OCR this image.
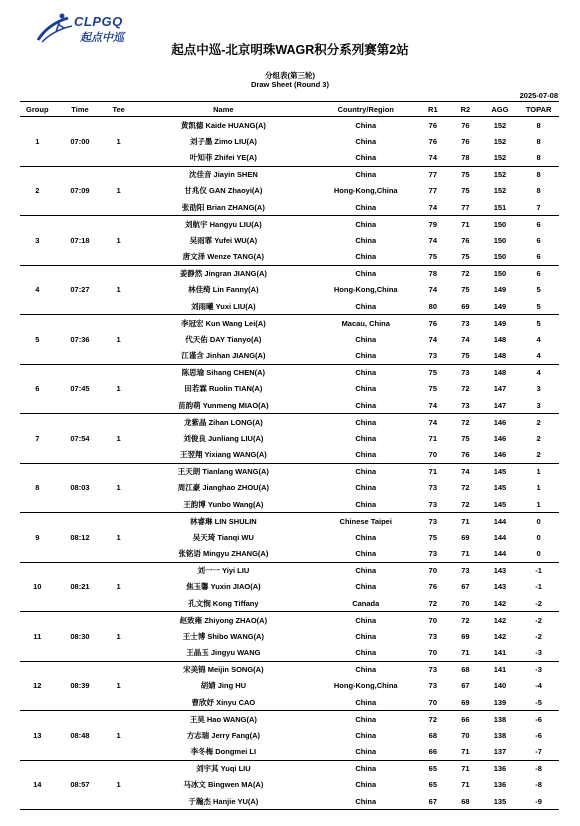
CLPGQ
起点中巡
起点中巡-北京明珠WAGR积分系列赛第2站
分组表(第三轮)
Draw Sheet (Round 3)
2025-07-08
Group	Time	Tee	Name	Country/Region	R1	R2	AGG	TOPAR
			黄凯德 Kaide HUANG(A)	China	76	76	152	8
1	07:00	1	刘子墨 Zimo LIU(A)	China	76	76	152	8
			叶知菲 Zhifei YE(A)	China	74	78	152	8
			沈佳音 Jiayin SHEN	China	77	75	152	8
2	07:09	1	甘兆仪 GAN Zhaoyi(A)	Hong-Kong,China	77	75	152	8
			张劭阳 Brian ZHANG(A)	China	74	77	151	7
			刘航宇 Hangyu LIU(A)	China	79	71	150	6
3	07:18	1	吴雨霏 Yufei WU(A)	China	74	76	150	6
			唐文泽 Wenze TANG(A)	China	75	75	150	6
			姜静然 Jingran JIANG(A)	China	78	72	150	6
4	07:27	1	林佳绮 Lin Fanny(A)	Hong-Kong,China	74	75	149	5
			刘雨曦 Yuxi LIU(A)	China	80	69	149	5
			李冠宏 Kun Wang Lei(A)	Macau, China	76	73	149	5
5	07:36	1	代天佑 DAY Tianyo(A)	China	74	74	148	4
			江谨含 Jinhan JIANG(A)	China	73	75	148	4
			陈思瑜 Sihang CHEN(A)	China	75	73	148	4
6	07:45	1	田若霖 Ruolin TIAN(A)	China	75	72	147	3
			苗韵萌 Yunmeng MIAO(A)	China	74	73	147	3
			龙紫晶 Zihan LONG(A)	China	74	72	146	2
7	07:54	1	刘俊良 Junliang LIU(A)	China	71	75	146	2
			王翌翔 Yixiang WANG(A)	China	70	76	146	2
			王天朗 Tianlang WANG(A)	China	71	74	145	1
8	08:03	1	周江豪 Jianghao ZHOU(A)	China	73	72	145	1
			王韵博 Yunbo Wang(A)	China	73	72	145	1
			林睿琳 LIN SHULIN	Chinese Taipei	73	71	144	0
9	08:12	1	吴天琦 Tianqi WU	China	75	69	144	0
			张铭语 Mingyu ZHANG(A)	China	73	71	144	0
			刘一一 Yiyi LIU	China	70	73	143	-1
10	08:21	1	焦玉馨 Yuxin JIAO(A)	China	76	67	143	-1
			孔文悯 Kong Tiffany	Canada	72	70	142	-2
			赵致雍 Zhiyong ZHAO(A)	China	70	72	142	-2
11	08:30	1	王士博 Shibo WANG(A)	China	73	69	142	-2
			王晶玉 Jingyu WANG	China	70	71	141	-3
			宋美锦 Meijin SONG(A)	China	73	68	141	-3
12	08:39	1	胡婧 Jing HU	Hong-Kong,China	73	67	140	-4
			曹欣妤 Xinyu CAO	China	70	69	139	-5
			王昊 Hao WANG(A)	China	72	66	138	-6
13	08:48	1	方志瑞 Jerry Fang(A)	China	68	70	138	-6
			李冬梅 Dongmei LI	China	66	71	137	-7
			刘宇其 Yuqi LIU	China	65	71	136	-8
14	08:57	1	马冰文 Bingwen MA(A)	China	65	71	136	-8
			于瀚杰 Hanjie YU(A)	China	67	68	135	-9
